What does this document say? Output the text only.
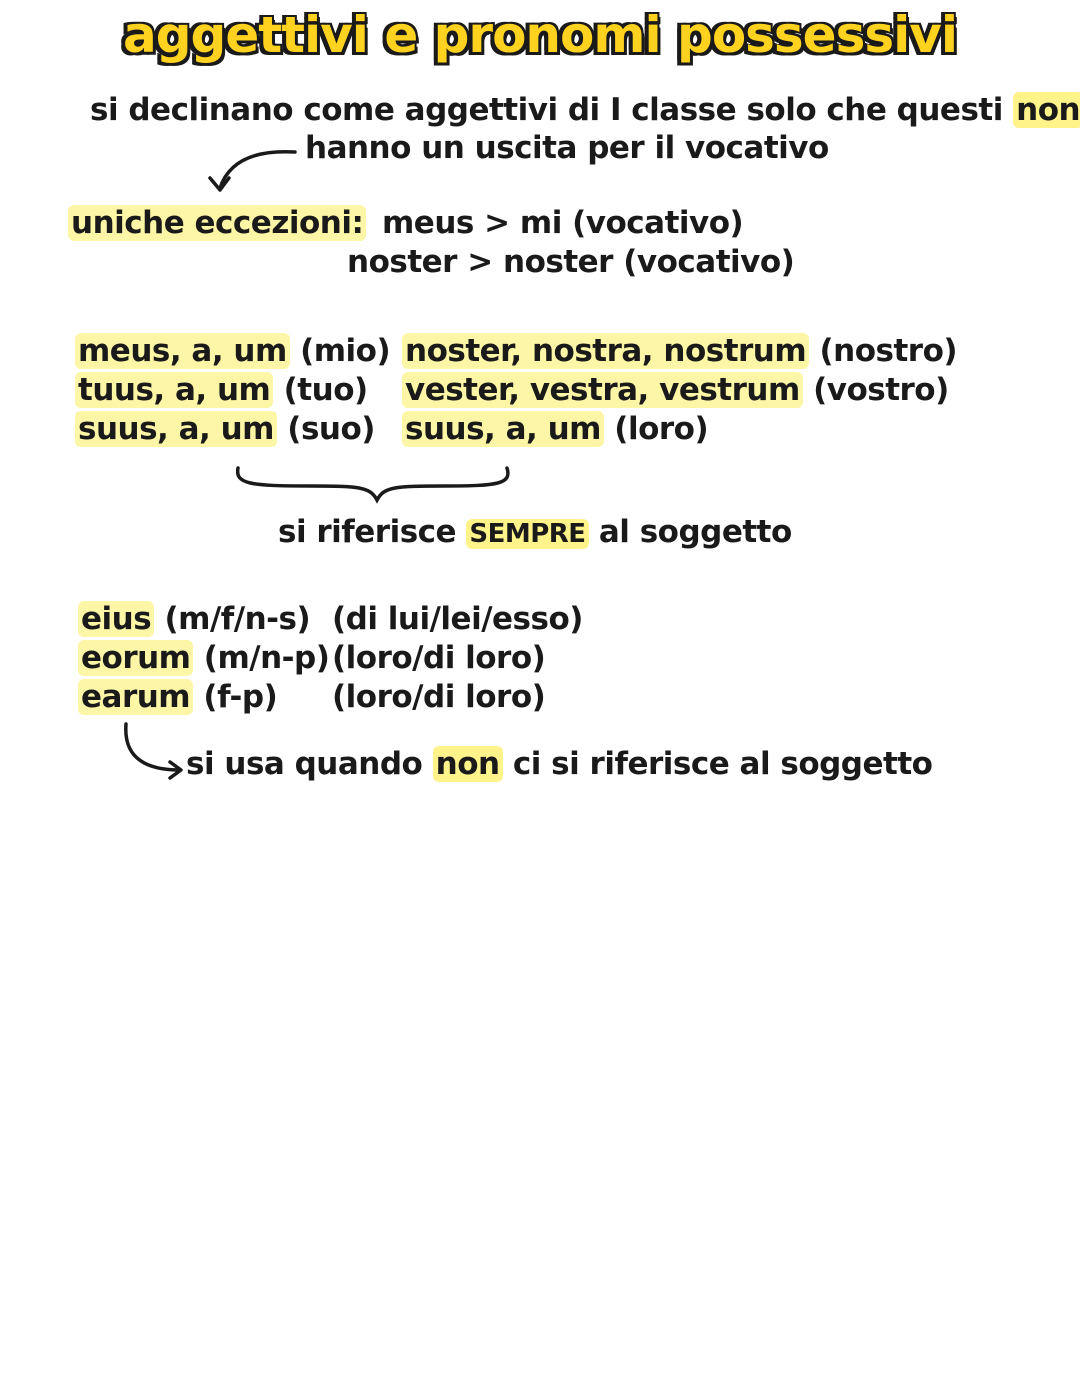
aggettivi e pronomi possessivi
si declinano come aggettivi di I classe solo che questi non
hanno un uscita per il vocativo
uniche eccezioni: meus > mi (vocativo)
noster > noster (vocativo)
meus, a, um (mio)
tuus, a, um (tuo)
suus, a, um (suo)
noster, nostra, nostrum (nostro)
vester, vestra, vestrum (vostro)
suus, a, um (loro)
si riferisce SEMPRE al soggetto
eius (m/f/n-s) (di lui/lei/esso)
eorum (m/n-p) (loro/di loro)
earum (f-p) (loro/di loro)
si usa quando non ci si riferisce al soggetto
